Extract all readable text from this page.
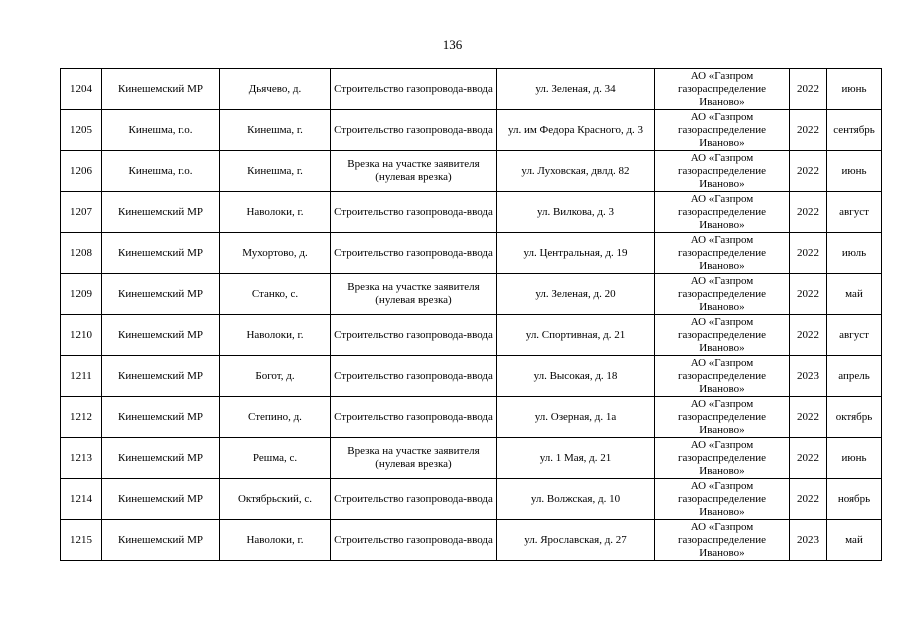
136
1204	Кинешемский МР	Дьячево, д.	Строительство газопровода-ввода	ул. Зеленая, д. 34	АО «Газпром газораспределение Иваново»	2022	июнь
1205	Кинешма, г.о.	Кинешма, г.	Строительство газопровода-ввода	ул. им Федора Красного, д. 3	АО «Газпром газораспределение Иваново»	2022	сентябрь
1206	Кинешма, г.о.	Кинешма, г.	Врезка на участке заявителя (нулевая врезка)	ул. Луховская, двлд. 82	АО «Газпром газораспределение Иваново»	2022	июнь
1207	Кинешемский МР	Наволоки, г.	Строительство газопровода-ввода	ул. Вилкова, д. 3	АО «Газпром газораспределение Иваново»	2022	август
1208	Кинешемский МР	Мухортово, д.	Строительство газопровода-ввода	ул. Центральная, д. 19	АО «Газпром газораспределение Иваново»	2022	июль
1209	Кинешемский МР	Станко, с.	Врезка на участке заявителя (нулевая врезка)	ул. Зеленая, д. 20	АО «Газпром газораспределение Иваново»	2022	май
1210	Кинешемский МР	Наволоки, г.	Строительство газопровода-ввода	ул. Спортивная, д. 21	АО «Газпром газораспределение Иваново»	2022	август
1211	Кинешемский МР	Богот, д.	Строительство газопровода-ввода	ул. Высокая, д. 18	АО «Газпром газораспределение Иваново»	2023	апрель
1212	Кинешемский МР	Степино, д.	Строительство газопровода-ввода	ул. Озерная, д. 1а	АО «Газпром газораспределение Иваново»	2022	октябрь
1213	Кинешемский МР	Решма, с.	Врезка на участке заявителя (нулевая врезка)	ул. 1 Мая, д. 21	АО «Газпром газораспределение Иваново»	2022	июнь
1214	Кинешемский МР	Октябрьский, с.	Строительство газопровода-ввода	ул. Волжская, д. 10	АО «Газпром газораспределение Иваново»	2022	ноябрь
1215	Кинешемский МР	Наволоки, г.	Строительство газопровода-ввода	ул. Ярославская, д. 27	АО «Газпром газораспределение Иваново»	2023	май
